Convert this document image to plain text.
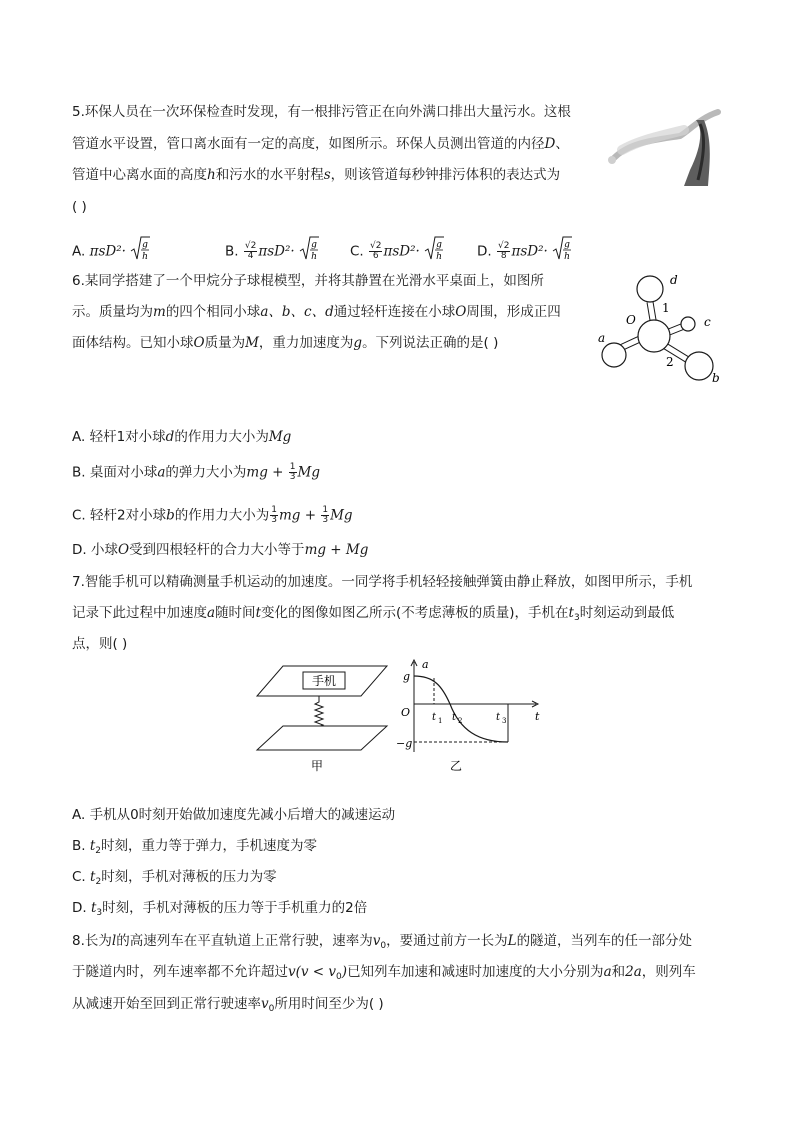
5.环保人员在一次环保检查时发现，有一根排污管正在向外满口排出大量污水。这根
管道水平设置，管口离水面有一定的高度，如图所示。环保人员测出管道的内径D、
管道中心离水面的高度h和污水的水平射程s，则该管道每秒钟排污体积的表达式为
( )
A. πsD²· g
h	B. $\frac{√2}{4} \pi sD^2\cdot g$
h C. $\frac{√2}{6} \pi sD^2\cdot g$
h	D. $\frac{√2}{8} \pi sD^2\cdot g$
h
6.某同学搭建了一个甲烷分子球棍模型，并将其静置在光滑水平桌面上，如图所
示。质量均为m的四个相同小球a、b、c、d通过轻杆连接在小球O周围，形成正四
面体结构。已知小球O质量为M，重力加速度为g。下列说法正确的是( )
d
c
a
b
O
1
2
A. 轻杆1对小球d的作用力大小为Mg
B. 桌面对小球a的弹力大小为mg + $\frac{1}{3}$ Mg
C. 轻杆2对小球b的作用力大小为 $\frac{1}{3}$ mg + $\frac{1}{3}$ Mg
D. 小球O受到四根轻杆的合力大小等于mg + Mg
7.智能手机可以精确测量手机运动的加速度。一同学将手机轻轻接触弹簧由静止释放，如图甲所示，手机
记录下此过程中加速度a随时间t变化的图像如图乙所示(不考虑薄板的质量)，手机在$t_3$时刻运动到最低
点，则( )
手机
甲
a
t
g
−g
O t 1 t 2	t 3
乙
A. 手机从0时刻开始做加速度先减小后增大的减速运动
B. $t_2$时刻，重力等于弹力，手机速度为零
C. $t_2$时刻，手机对薄板的压力为零
D. $t_3$时刻，手机对薄板的压力等于手机重力的2倍
8.长为l的高速列车在平直轨道上正常行驶，速率为$v_0$，要通过前方一长为L的隧道，当列车的任一部分处
于隧道内时，列车速率都不允许超过$v(v < v_0)$已知列车加速和减速时加速度的大小分别为a和2a，则列车
从减速开始至回到正常行驶速率$v_0$所用时间至少为( )
